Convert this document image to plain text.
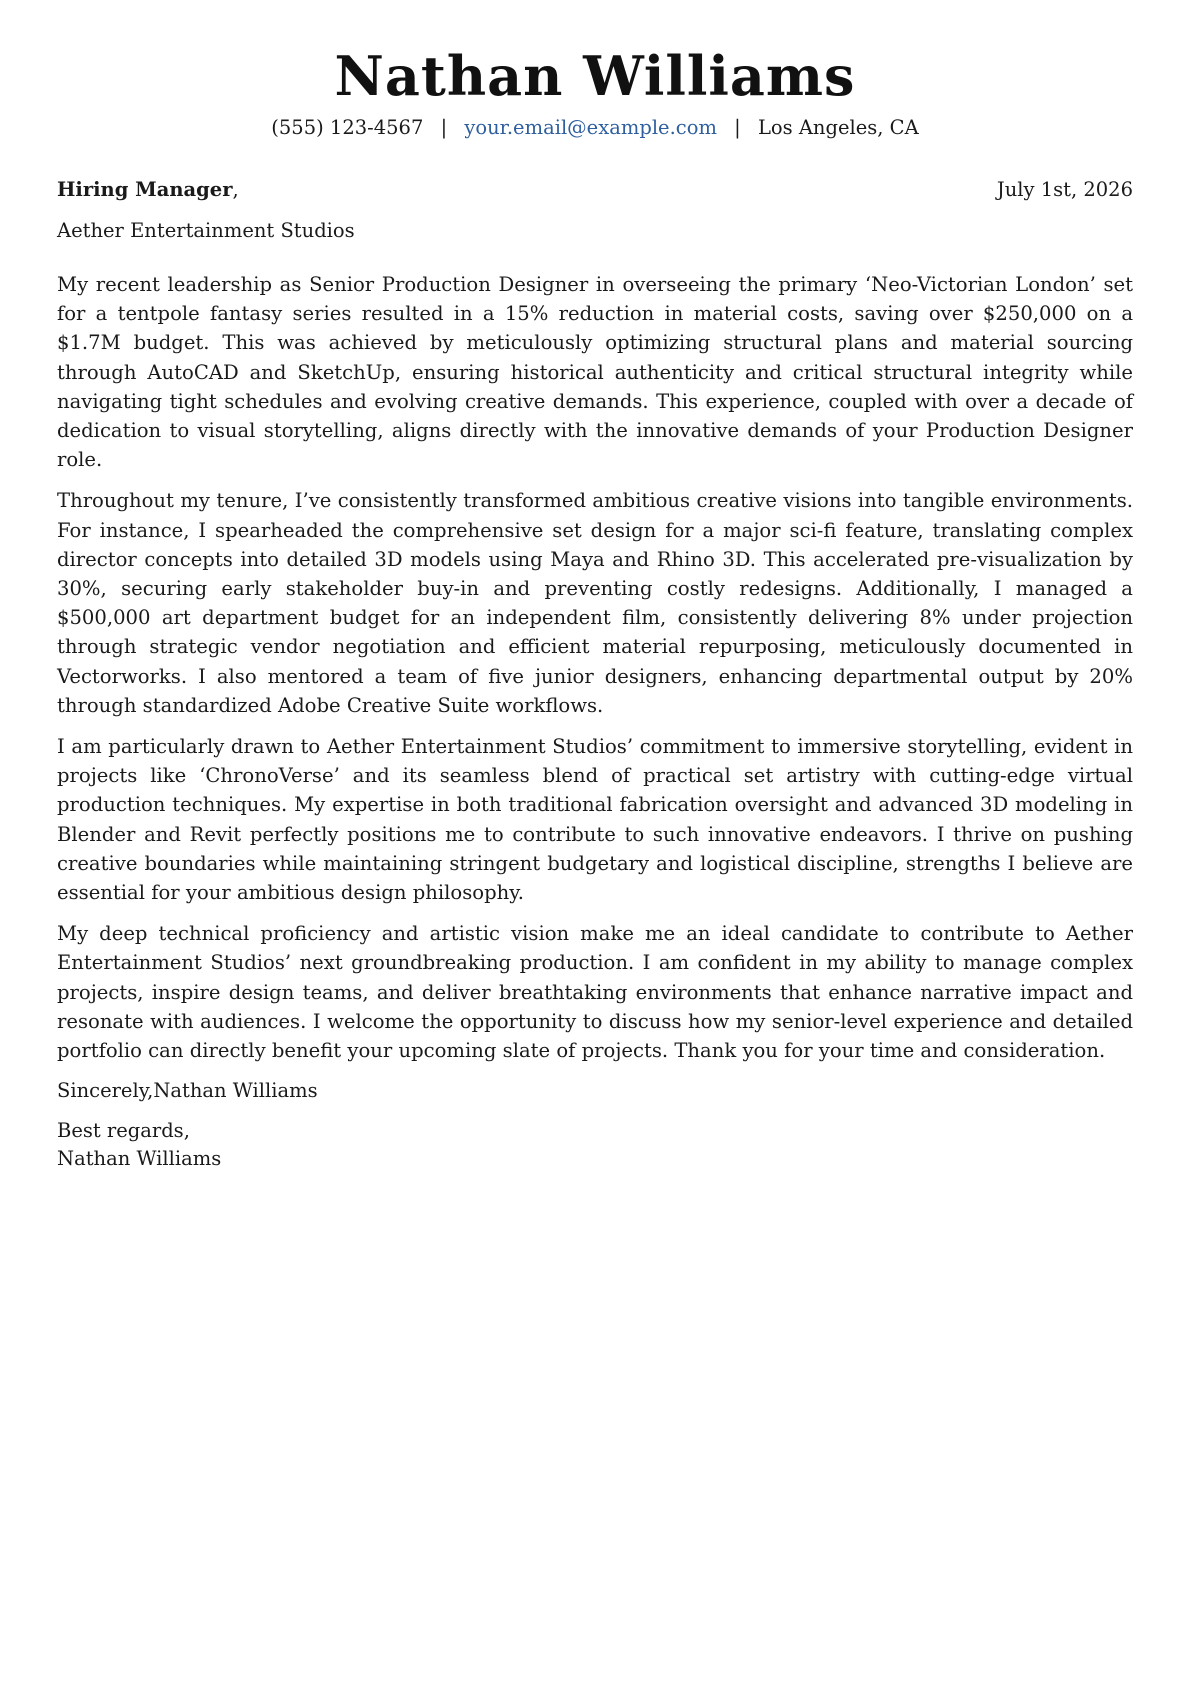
Nathan Williams
(555) 123-4567 | your.email@example.com | Los Angeles, CA
Hiring Manager,	July 1st, 2026
Aether Entertainment Studios

My recent leadership as Senior Production Designer in overseeing the primary ‘Neo-Victorian London’ set for a tentpole fantasy series resulted in a 15% reduction in material costs, saving over $250,000 on a $1.7M budget. This was achieved by meticulously optimizing structural plans and material sourcing through AutoCAD and SketchUp, ensuring historical authenticity and critical structural integrity while navigating tight schedules and evolving creative demands. This experience, coupled with over a decade of dedication to visual storytelling, aligns directly with the innovative demands of your Production Designer role.

Throughout my tenure, I’ve consistently transformed ambitious creative visions into tangible environments. For instance, I spearheaded the comprehensive set design for a major sci-fi feature, translating complex director concepts into detailed 3D models using Maya and Rhino 3D. This accelerated pre-visualization by 30%, securing early stakeholder buy-in and preventing costly redesigns. Additionally, I managed a $500,000 art department budget for an independent film, consistently delivering 8% under projection through strategic vendor negotiation and efficient material repurposing, meticulously documented in Vectorworks. I also mentored a team of five junior designers, enhancing departmental output by 20% through standardized Adobe Creative Suite workflows.

I am particularly drawn to Aether Entertainment Studios’ commitment to immersive storytelling, evident in projects like ‘ChronoVerse’ and its seamless blend of practical set artistry with cutting-edge virtual production techniques. My expertise in both traditional fabrication oversight and advanced 3D modeling in Blender and Revit perfectly positions me to contribute to such innovative endeavors. I thrive on pushing creative boundaries while maintaining stringent budgetary and logistical discipline, strengths I believe are essential for your ambitious design philosophy.

My deep technical proficiency and artistic vision make me an ideal candidate to contribute to Aether Entertainment Studios’ next groundbreaking production. I am confident in my ability to manage complex projects, inspire design teams, and deliver breathtaking environments that enhance narrative impact and resonate with audiences. I welcome the opportunity to discuss how my senior-level experience and detailed portfolio can directly benefit your upcoming slate of projects. Thank you for your time and consideration.

Sincerely,Nathan Williams
Best regards,
Nathan Williams
